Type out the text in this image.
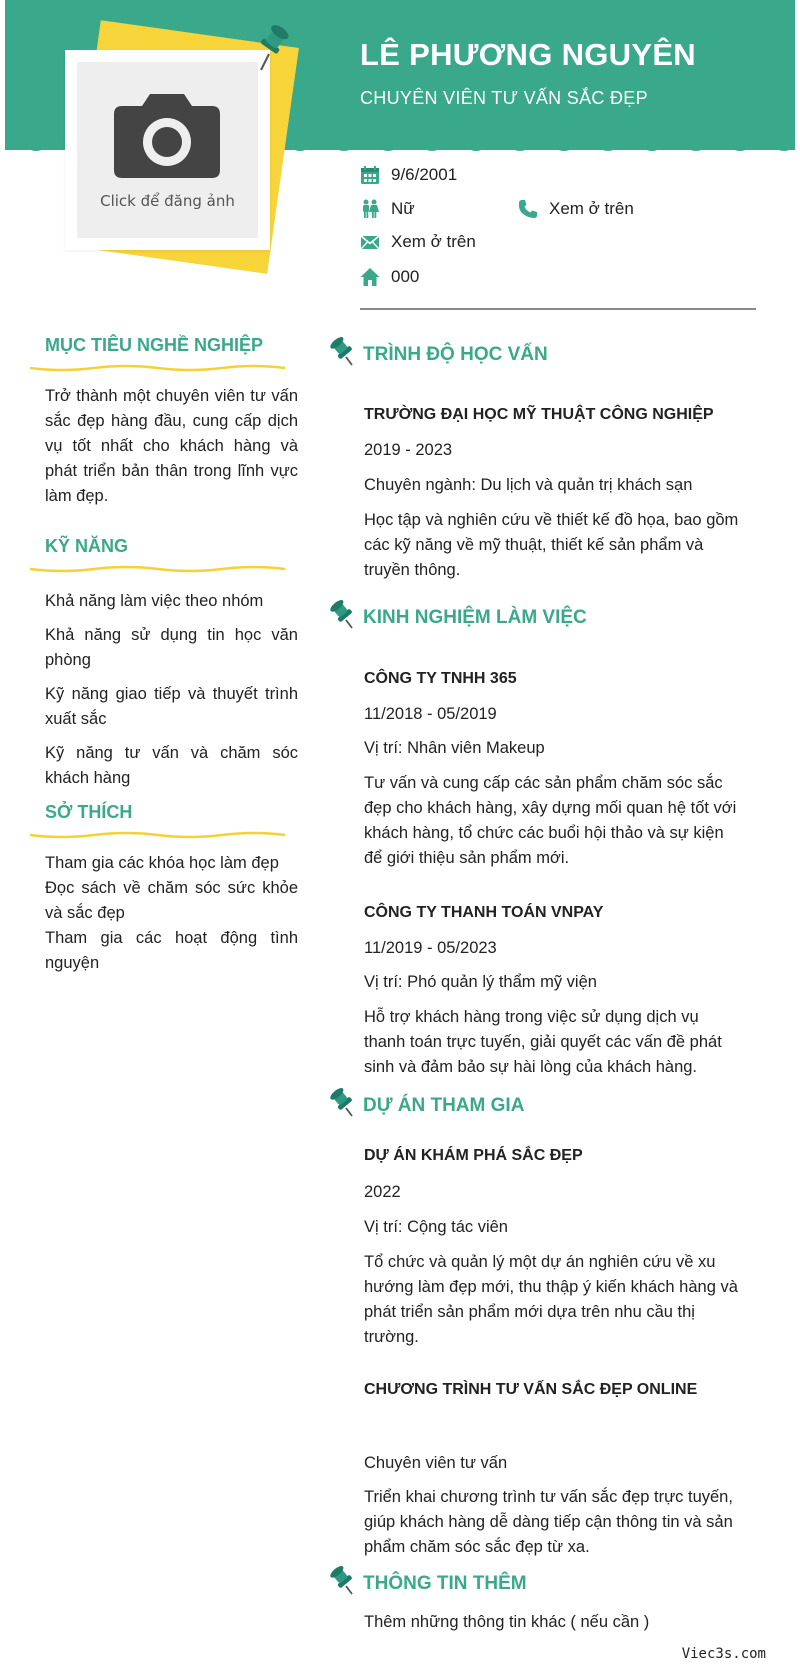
Click để đăng ảnh
LÊ PHƯƠNG NGUYÊN
CHUYÊN VIÊN TƯ VẤN SẮC ĐẸP
9/6/2001
Nữ	Xem ở trên
Xem ở trên
000
MỤC TIÊU NGHỀ NGHIỆP
Trở thành một chuyên viên tư vấn sắc đẹp hàng đầu, cung cấp dịch vụ tốt nhất cho khách hàng và phát triển bản thân trong lĩnh vực làm đẹp.
KỸ NĂNG
Khả năng làm việc theo nhóm
Khả năng sử dụng tin học văn phòng
Kỹ năng giao tiếp và thuyết trình xuất sắc
Kỹ năng tư vấn và chăm sóc khách hàng
SỞ THÍCH
Tham gia các khóa học làm đẹp
Đọc sách về chăm sóc sức khỏe và sắc đẹp
Tham gia các hoạt động tình nguyện
TRÌNH ĐỘ HỌC VẤN
TRƯỜNG ĐẠI HỌC MỸ THUẬT CÔNG NGHIỆP
2019 - 2023
Chuyên ngành: Du lịch và quản trị khách sạn
Học tập và nghiên cứu về thiết kế đồ họa, bao gồm các kỹ năng về mỹ thuật, thiết kế sản phẩm và truyền thông.
KINH NGHIỆM LÀM VIỆC
CÔNG TY TNHH 365
11/2018 - 05/2019
Vị trí: Nhân viên Makeup
Tư vấn và cung cấp các sản phẩm chăm sóc sắc đẹp cho khách hàng, xây dựng mối quan hệ tốt với khách hàng, tổ chức các buổi hội thảo và sự kiện để giới thiệu sản phẩm mới.
CÔNG TY THANH TOÁN VNPAY
11/2019 - 05/2023
Vị trí: Phó quản lý thẩm mỹ viện
Hỗ trợ khách hàng trong việc sử dụng dịch vụ thanh toán trực tuyến, giải quyết các vấn đề phát sinh và đảm bảo sự hài lòng của khách hàng.
DỰ ÁN THAM GIA
DỰ ÁN KHÁM PHÁ SẮC ĐẸP
2022
Vị trí: Cộng tác viên
Tổ chức và quản lý một dự án nghiên cứu về xu hướng làm đẹp mới, thu thập ý kiến khách hàng và phát triển sản phẩm mới dựa trên nhu cầu thị trường.
CHƯƠNG TRÌNH TƯ VẤN SẮC ĐẸP ONLINE
Chuyên viên tư vấn
Triển khai chương trình tư vấn sắc đẹp trực tuyến, giúp khách hàng dễ dàng tiếp cận thông tin và sản phẩm chăm sóc sắc đẹp từ xa.
THÔNG TIN THÊM
Thêm những thông tin khác ( nếu cần )
Viec3s.com
